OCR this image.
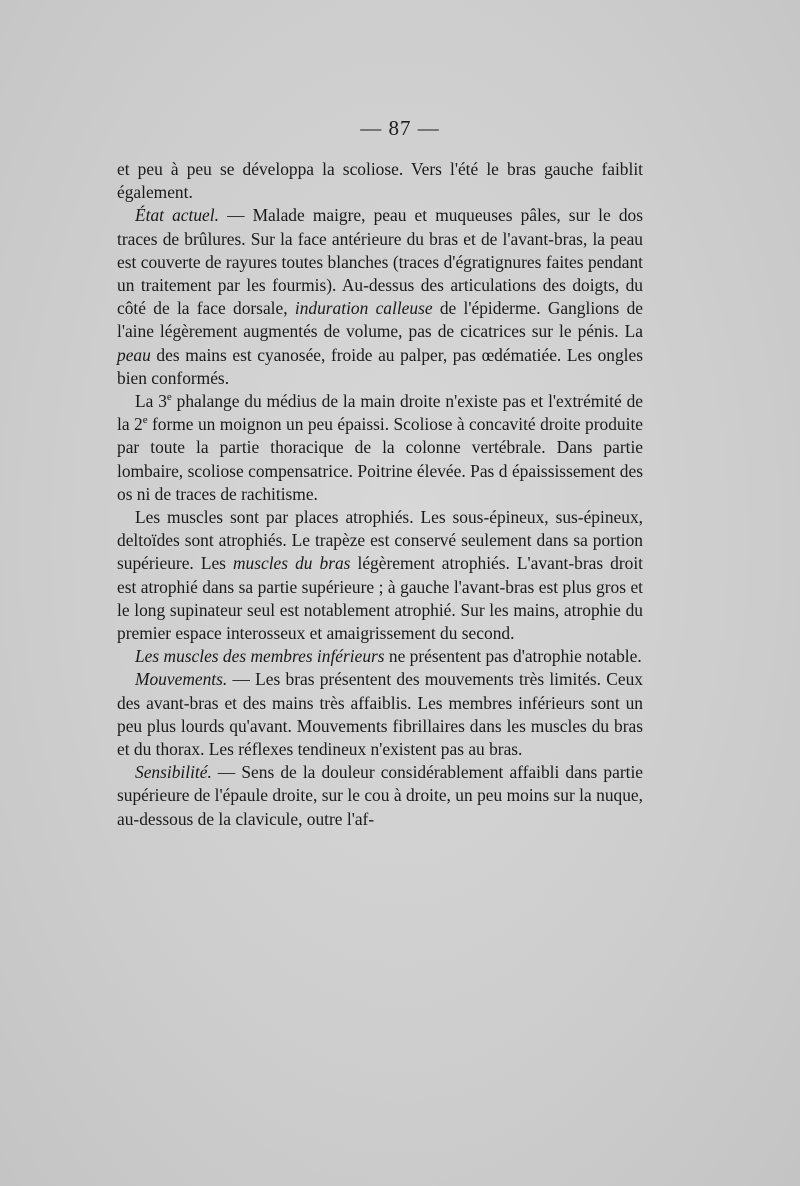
— 87 —

et peu à peu se développa la scoliose. Vers l'été le bras gauche faiblit également.

État actuel. — Malade maigre, peau et muqueuses pâles, sur le dos traces de brûlures. Sur la face antérieure du bras et de l'avant-bras, la peau est couverte de rayures toutes blanches (traces d'égratignures faites pendant un traitement par les fourmis). Au-dessus des articulations des doigts, du côté de la face dorsale, induration calleuse de l'épiderme. Ganglions de l'aine légèrement augmentés de volume, pas de cicatrices sur le pénis. La peau des mains est cyanosée, froide au palper, pas œdématiée. Les ongles bien conformés.

La 3e phalange du médius de la main droite n'existe pas et l'extrémité de la 2e forme un moignon un peu épaissi. Scoliose à concavité droite produite par toute la partie thoracique de la colonne vertébrale. Dans partie lombaire, scoliose compensatrice. Poitrine élevée. Pas d épaississement des os ni de traces de rachitisme.

Les muscles sont par places atrophiés. Les sous-épineux, sus-épineux, deltoïdes sont atrophiés. Le trapèze est conservé seulement dans sa portion supérieure. Les muscles du bras légèrement atrophiés. L'avant-bras droit est atrophié dans sa partie supérieure ; à gauche l'avant-bras est plus gros et le long supinateur seul est notablement atrophié. Sur les mains, atrophie du premier espace interosseux et amaigrissement du second.

Les muscles des membres inférieurs ne présentent pas d'atrophie notable.

Mouvements. — Les bras présentent des mouvements très limités. Ceux des avant-bras et des mains très affaiblis. Les membres inférieurs sont un peu plus lourds qu'avant. Mouvements fibrillaires dans les muscles du bras et du thorax. Les réflexes tendineux n'existent pas au bras.

Sensibilité. — Sens de la douleur considérablement affaibli dans partie supérieure de l'épaule droite, sur le cou à droite, un peu moins sur la nuque, au-dessous de la clavicule, outre l'af-
